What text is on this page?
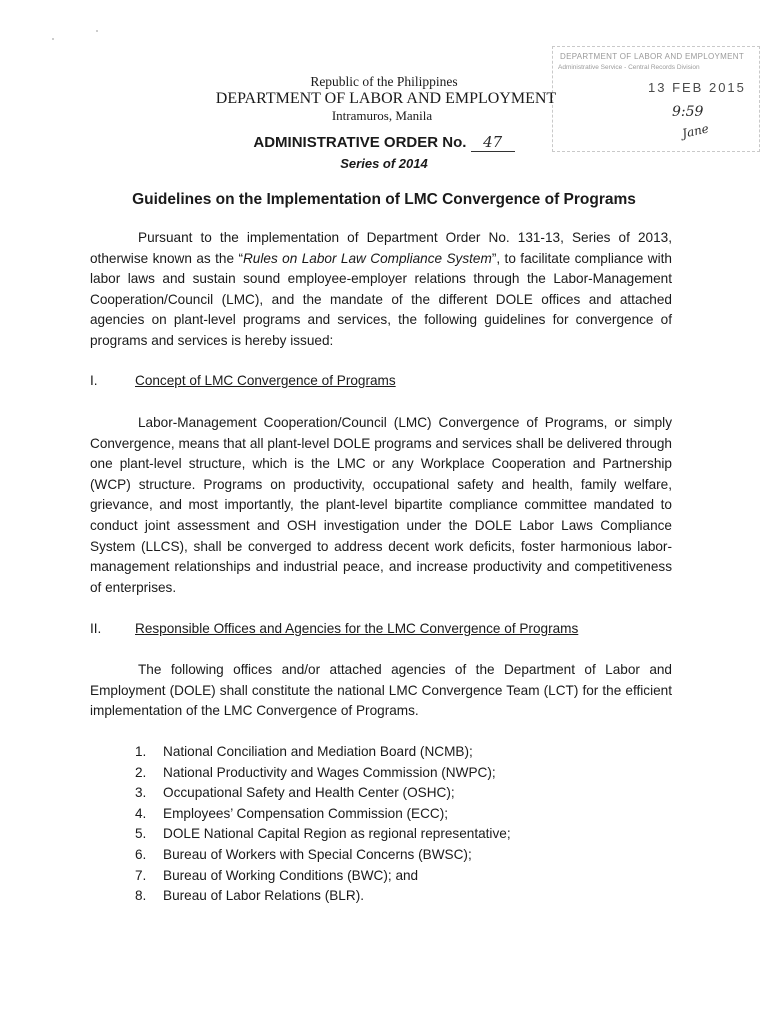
DEPARTMENT OF LABOR AND EMPLOYMENT
Administrative Service - Central Records Division
13 FEB 2015
9:59
Jane
Republic of the Philippines
DEPARTMENT OF LABOR AND EMPLOYMENT
Intramuros, Manila
ADMINISTRATIVE ORDER No. 47
Series of 2014
Guidelines on the Implementation of LMC Convergence of Programs
Pursuant to the implementation of Department Order No. 131-13, Series of 2013, otherwise known as the “Rules on Labor Law Compliance System”, to facilitate compliance with labor laws and sustain sound employee-employer relations through the Labor-Management Cooperation/Council (LMC), and the mandate of the different DOLE offices and attached agencies on plant-level programs and services, the following guidelines for convergence of programs and services is hereby issued:
I.	Concept of LMC Convergence of Programs
Labor-Management Cooperation/Council (LMC) Convergence of Programs, or simply Convergence, means that all plant-level DOLE programs and services shall be delivered through one plant-level structure, which is the LMC or any Workplace Cooperation and Partnership (WCP) structure. Programs on productivity, occupational safety and health, family welfare, grievance, and most importantly, the plant-level bipartite compliance committee mandated to conduct joint assessment and OSH investigation under the DOLE Labor Laws Compliance System (LLCS), shall be converged to address decent work deficits, foster harmonious labor-management relationships and industrial peace, and increase productivity and competitiveness of enterprises.
II. Responsible Offices and Agencies for the LMC Convergence of Programs
The following offices and/or attached agencies of the Department of Labor and Employment (DOLE) shall constitute the national LMC Convergence Team (LCT) for the efficient implementation of the LMC Convergence of Programs.
1.	National Conciliation and Mediation Board (NCMB);
2.	National Productivity and Wages Commission (NWPC);
3.	Occupational Safety and Health Center (OSHC);
4.	Employees’ Compensation Commission (ECC);
5.	DOLE National Capital Region as regional representative;
6.	Bureau of Workers with Special Concerns (BWSC);
7.	Bureau of Working Conditions (BWC); and
8.	Bureau of Labor Relations (BLR).
